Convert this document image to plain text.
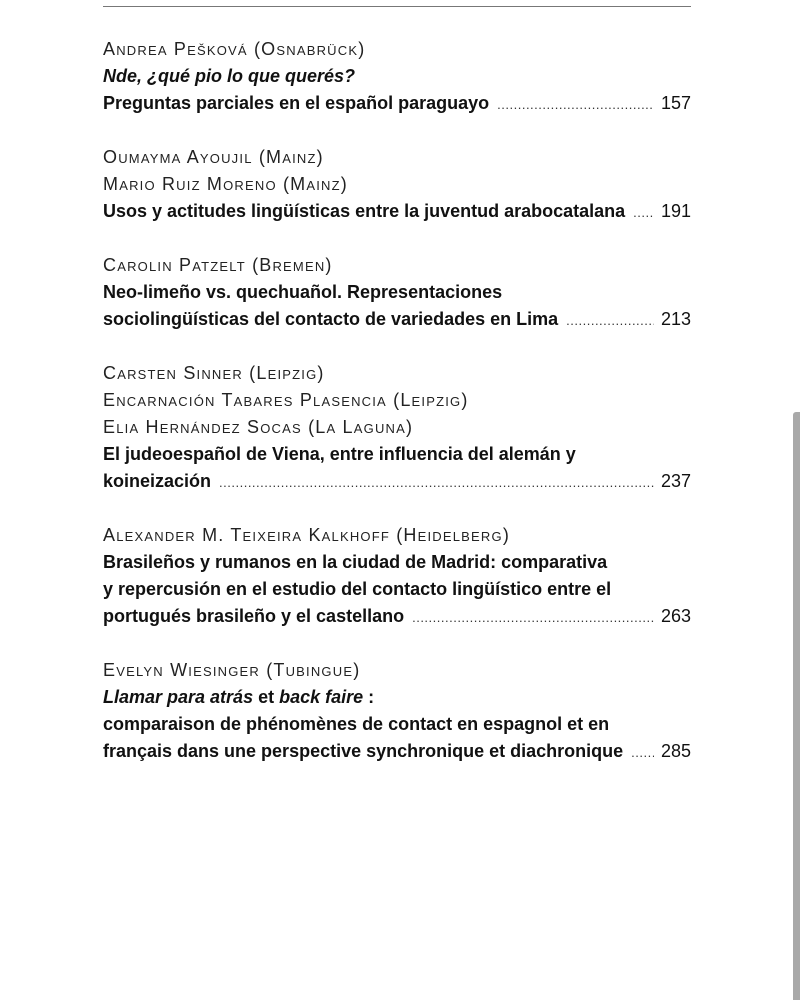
Andrea Pešková (Osnabrück)
Nde, ¿qué pio lo que querés?
Preguntas parciales en el español paraguayo .....	157
Oumayma Ayoujil (Mainz)
Mario Ruiz Moreno (Mainz)
Usos y actitudes lingüísticas entre la juventud arabocatalana ..... 191
Carolin Patzelt (Bremen)
Neo-limeño vs. quechuañol. Representaciones
sociolingüísticas del contacto de variedades en Lima .....	213
Carsten Sinner (Leipzig)
Encarnación Tabares Plasencia (Leipzig)
Elia Hernández Socas (La Laguna)
El judeoespañol de Viena, entre influencia del alemán y
koineización .....	237
Alexander M. Teixeira Kalkhoff (Heidelberg)
Brasileños y rumanos en la ciudad de Madrid: comparativa
y repercusión en el estudio del contacto lingüístico entre el
portugués brasileño y el castellano .....	263
Evelyn Wiesinger (Tubingue)
Llamar para atrás et back faire :
comparaison de phénomènes de contact en espagnol et en
français dans une perspective synchronique et diachronique ..... 285
